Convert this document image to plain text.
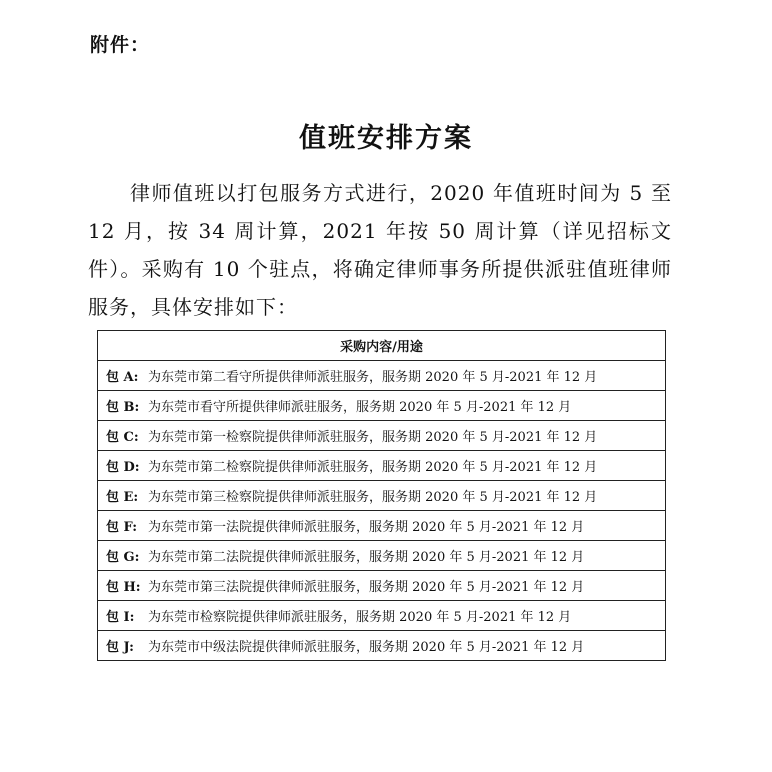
附件：
值班安排方案

律师值班以打包服务方式进行，2020 年值班时间为 5 至 12 月，按 34 周计算，2021 年按 50 周计算（详见招标文件）。采购有 10 个驻点，将确定律师事务所提供派驻值班律师服务，具体安排如下：

采购内容/用途
包 A: 为东莞市第二看守所提供律师派驻服务，服务期 2020 年 5 月-2021 年 12 月
包 B: 为东莞市看守所提供律师派驻服务，服务期 2020 年 5 月-2021 年 12 月
包 C: 为东莞市第一检察院提供律师派驻服务，服务期 2020 年 5 月-2021 年 12 月
包 D: 为东莞市第二检察院提供律师派驻服务，服务期 2020 年 5 月-2021 年 12 月
包 E: 为东莞市第三检察院提供律师派驻服务，服务期 2020 年 5 月-2021 年 12 月
包 F: 为东莞市第一法院提供律师派驻服务，服务期 2020 年 5 月-2021 年 12 月
包 G: 为东莞市第二法院提供律师派驻服务，服务期 2020 年 5 月-2021 年 12 月
包 H: 为东莞市第三法院提供律师派驻服务，服务期 2020 年 5 月-2021 年 12 月
包 I: 为东莞市检察院提供律师派驻服务，服务期 2020 年 5 月-2021 年 12 月
包 J: 为东莞市中级法院提供律师派驻服务，服务期 2020 年 5 月-2021 年 12 月
